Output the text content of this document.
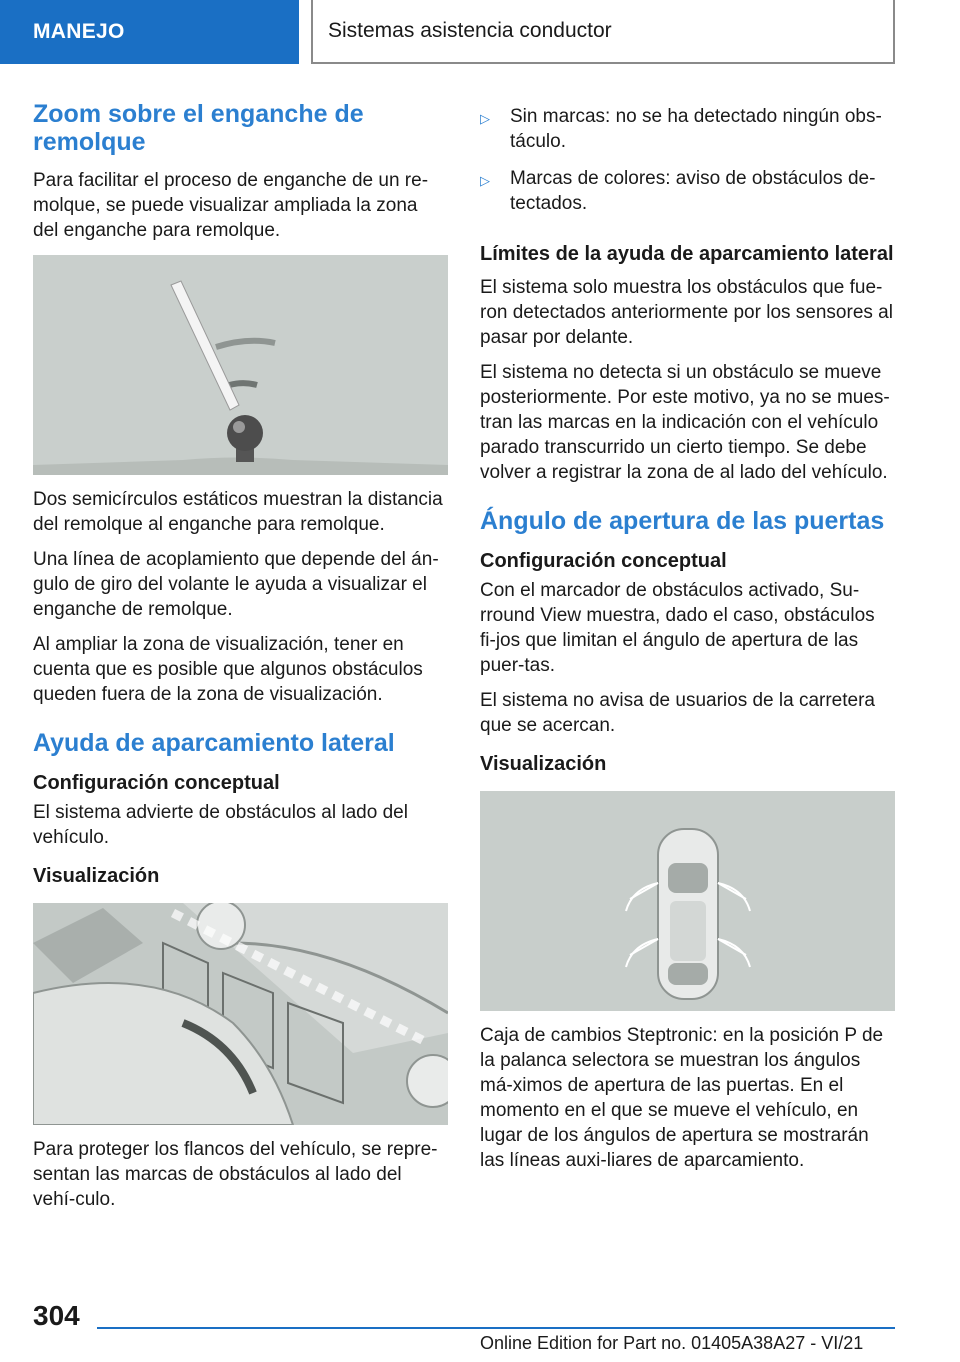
MANEJO	Sistemas asistencia conductor
Zoom sobre el enganche de remolque

Para facilitar el proceso de enganche de un re-molque, se puede visualizar ampliada la zona del enganche para remolque.

Dos semicírculos estáticos muestran la distancia del remolque al enganche para remolque.

Una línea de acoplamiento que depende del án-gulo de giro del volante le ayuda a visualizar el enganche de remolque.

Al ampliar la zona de visualización, tener en cuenta que es posible que algunos obstáculos queden fuera de la zona de visualización.

Ayuda de aparcamiento lateral
Configuración conceptual

El sistema advierte de obstáculos al lado del vehículo.

Visualización

Para proteger los flancos del vehículo, se repre-sentan las marcas de obstáculos al lado del vehí-culo.

▷	Sin marcas: no se ha detectado ningún obs-táculo.
▷	Marcas de colores: aviso de obstáculos de-tectados.
Límites de la ayuda de aparcamiento lateral

El sistema solo muestra los obstáculos que fue-ron detectados anteriormente por los sensores al pasar por delante.

El sistema no detecta si un obstáculo se mueve posteriormente. Por este motivo, ya no se mues-tran las marcas en la indicación con el vehículo parado transcurrido un cierto tiempo. Se debe volver a registrar la zona de al lado del vehículo.

Ángulo de apertura de las puertas
Configuración conceptual

Con el marcador de obstáculos activado, Su-rround View muestra, dado el caso, obstáculos fi-jos que limitan el ángulo de apertura de las puer-tas.

El sistema no avisa de usuarios de la carretera que se acercan.

Visualización

Caja de cambios Steptronic: en la posición P de la palanca selectora se muestran los ángulos má-ximos de apertura de las puertas. En el momento en el que se mueve el vehículo, en lugar de los ángulos de apertura se mostrarán las líneas auxi-liares de aparcamiento.

304
Online Edition for Part no. 01405A38A27 - VI/21
